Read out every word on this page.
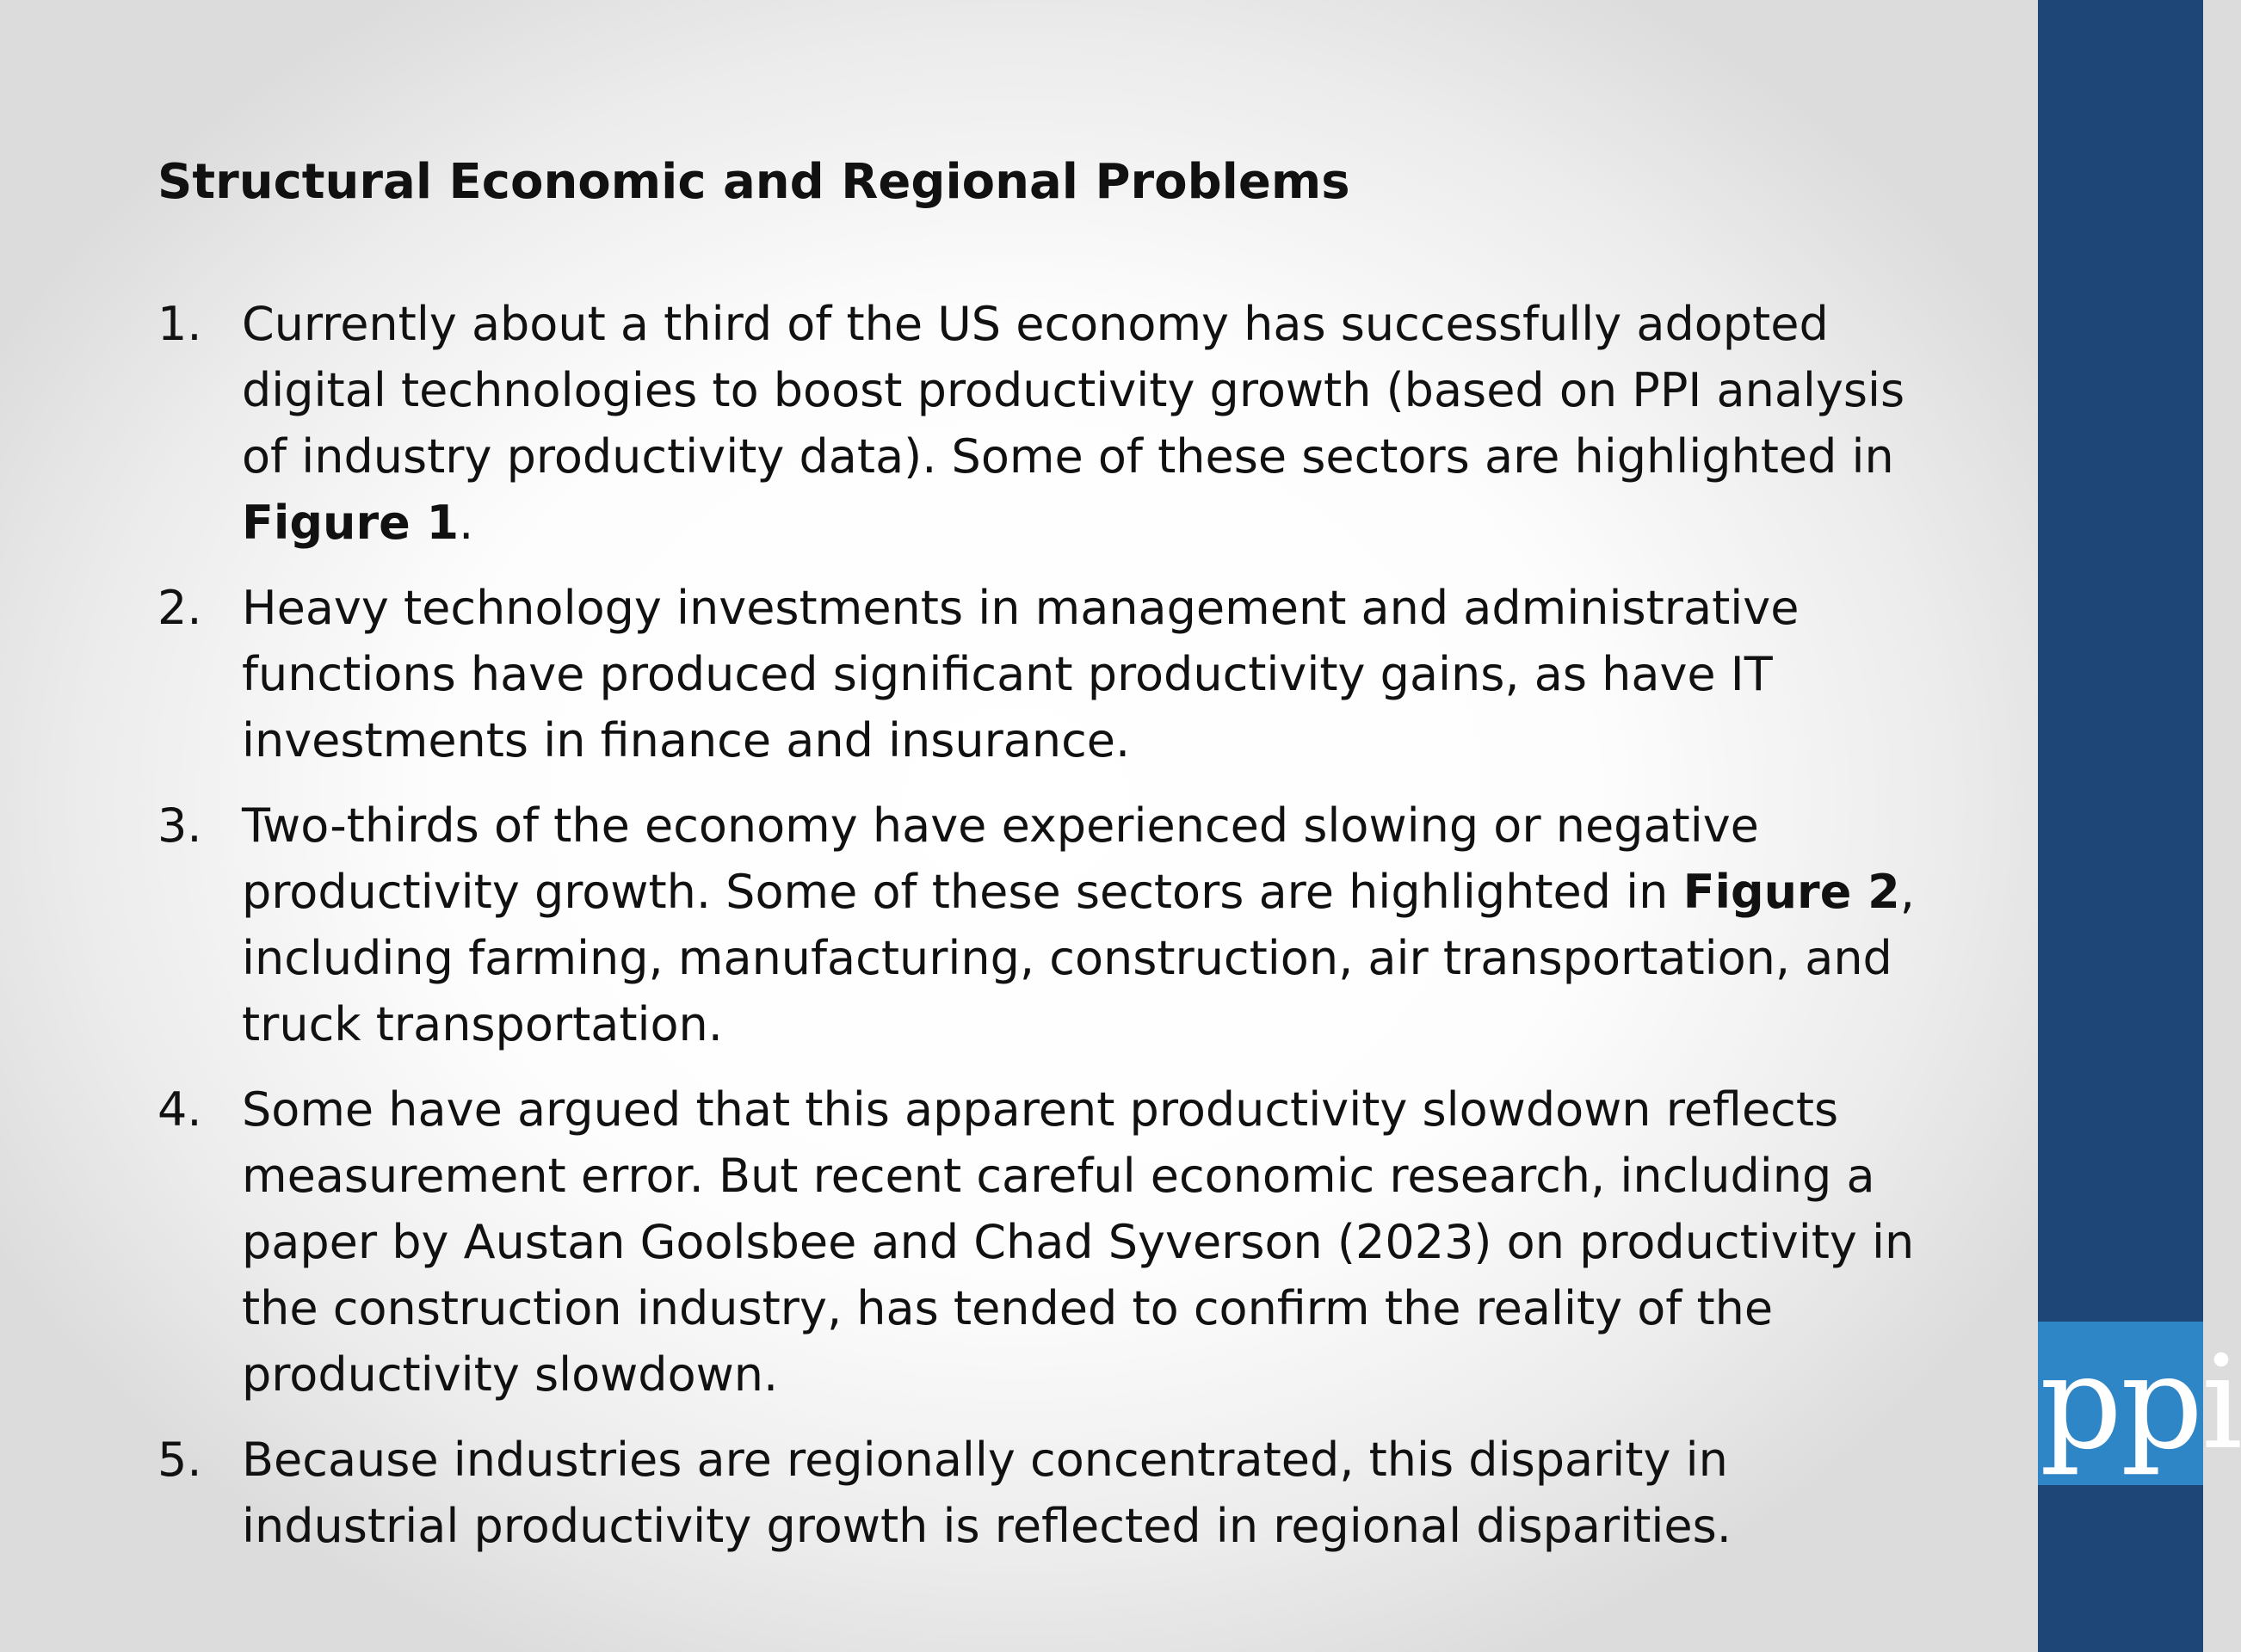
ppi
Structural Economic and Regional Problems
1. Currently about a third of the US economy has successfully adopted
digital technologies to boost productivity growth (based on PPI analysis
of industry productivity data). Some of these sectors are highlighted in
Figure 1.
2. Heavy technology investments in management and administrative
functions have produced significant productivity gains, as have IT
investments in finance and insurance.
3. Two-thirds of the economy have experienced slowing or negative
productivity growth. Some of these sectors are highlighted in Figure 2,
including farming, manufacturing, construction, air transportation, and
truck transportation.
4. Some have argued that this apparent productivity slowdown reflects
measurement error. But recent careful economic research, including a
paper by Austan Goolsbee and Chad Syverson (2023) on productivity in
the construction industry, has tended to confirm the reality of the
productivity slowdown.
5. Because industries are regionally concentrated, this disparity in
industrial productivity growth is reflected in regional disparities.
